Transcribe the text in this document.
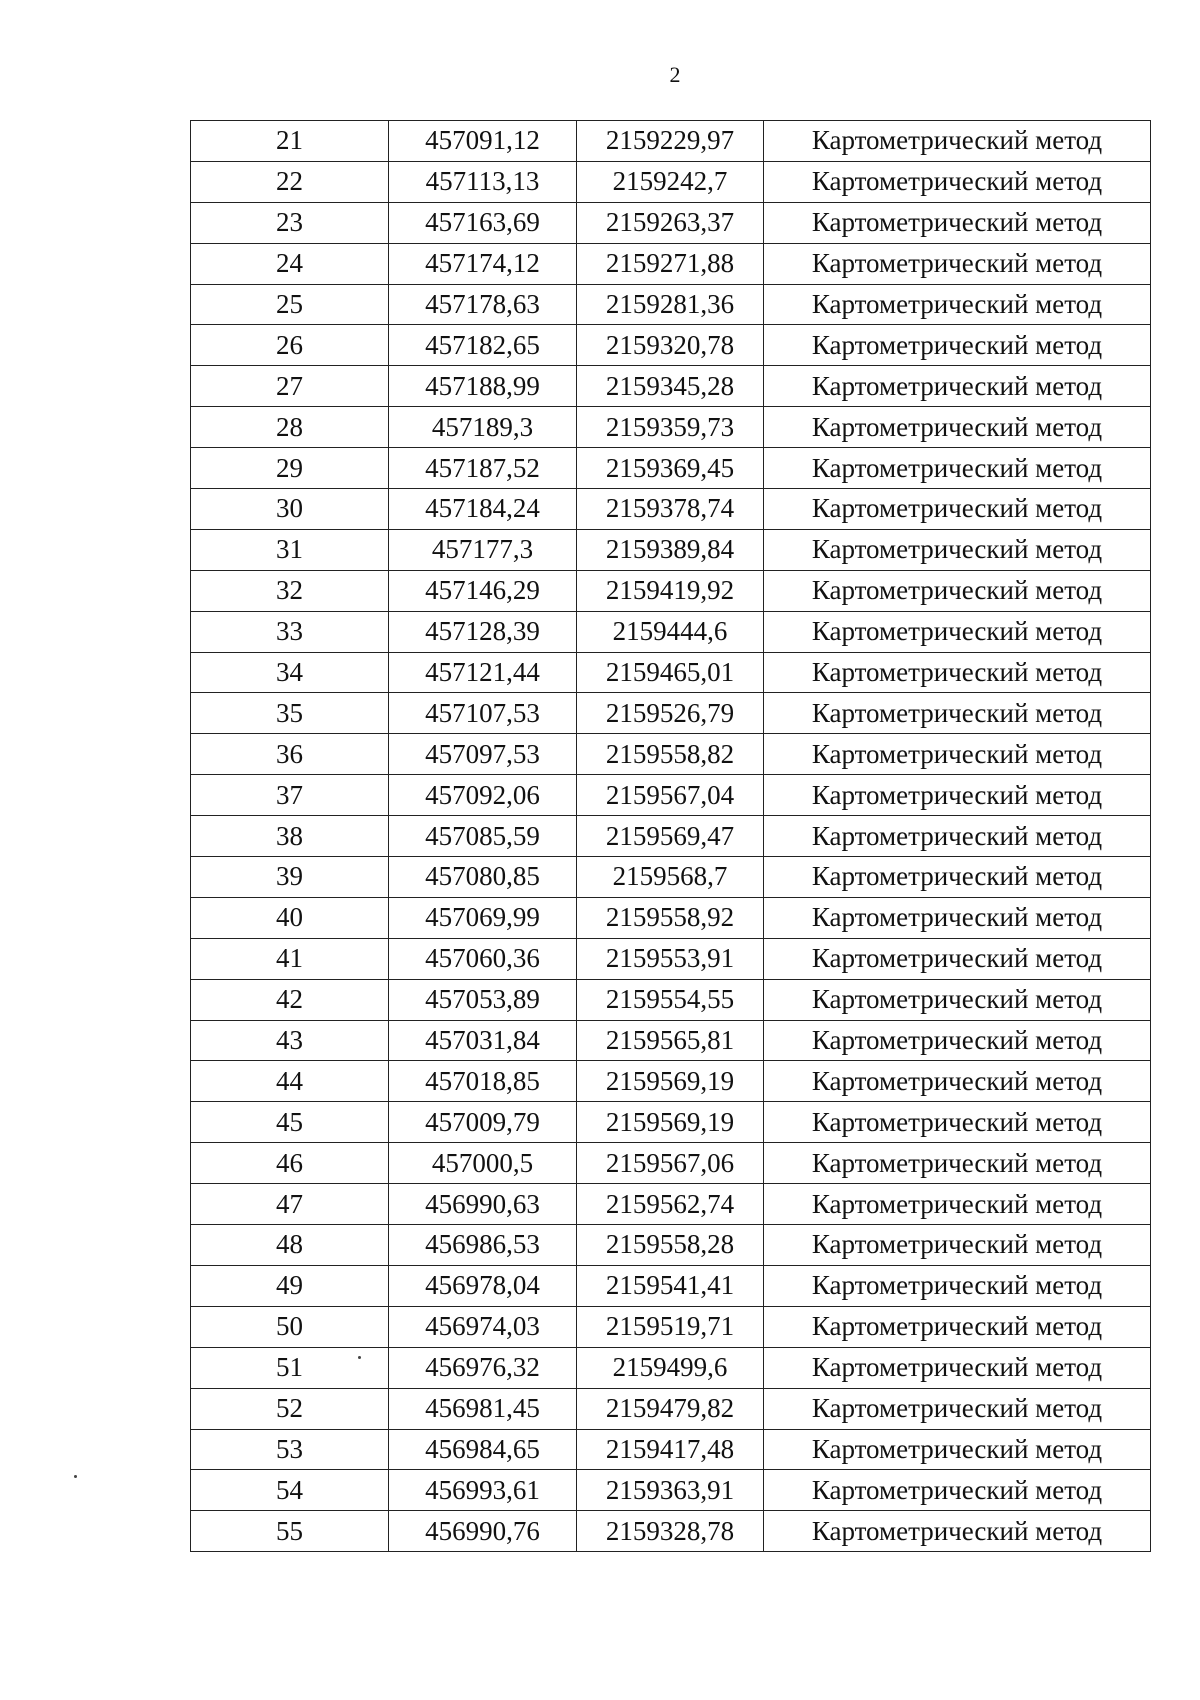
2
21	457091,12	2159229,97	Картометрический метод
22	457113,13	2159242,7	Картометрический метод
23	457163,69	2159263,37	Картометрический метод
24	457174,12	2159271,88	Картометрический метод
25	457178,63	2159281,36	Картометрический метод
26	457182,65	2159320,78	Картометрический метод
27	457188,99	2159345,28	Картометрический метод
28	457189,3	2159359,73	Картометрический метод
29	457187,52	2159369,45	Картометрический метод
30	457184,24	2159378,74	Картометрический метод
31	457177,3	2159389,84	Картометрический метод
32	457146,29	2159419,92	Картометрический метод
33	457128,39	2159444,6	Картометрический метод
34	457121,44	2159465,01	Картометрический метод
35	457107,53	2159526,79	Картометрический метод
36	457097,53	2159558,82	Картометрический метод
37	457092,06	2159567,04	Картометрический метод
38	457085,59	2159569,47	Картометрический метод
39	457080,85	2159568,7	Картометрический метод
40	457069,99	2159558,92	Картометрический метод
41	457060,36	2159553,91	Картометрический метод
42	457053,89	2159554,55	Картометрический метод
43	457031,84	2159565,81	Картометрический метод
44	457018,85	2159569,19	Картометрический метод
45	457009,79	2159569,19	Картометрический метод
46	457000,5	2159567,06	Картометрический метод
47	456990,63	2159562,74	Картометрический метод
48	456986,53	2159558,28	Картометрический метод
49	456978,04	2159541,41	Картометрический метод
50	456974,03	2159519,71	Картометрический метод
51	456976,32	2159499,6	Картометрический метод
52	456981,45	2159479,82	Картометрический метод
53	456984,65	2159417,48	Картометрический метод
54	456993,61	2159363,91	Картометрический метод
55	456990,76	2159328,78	Картометрический метод
